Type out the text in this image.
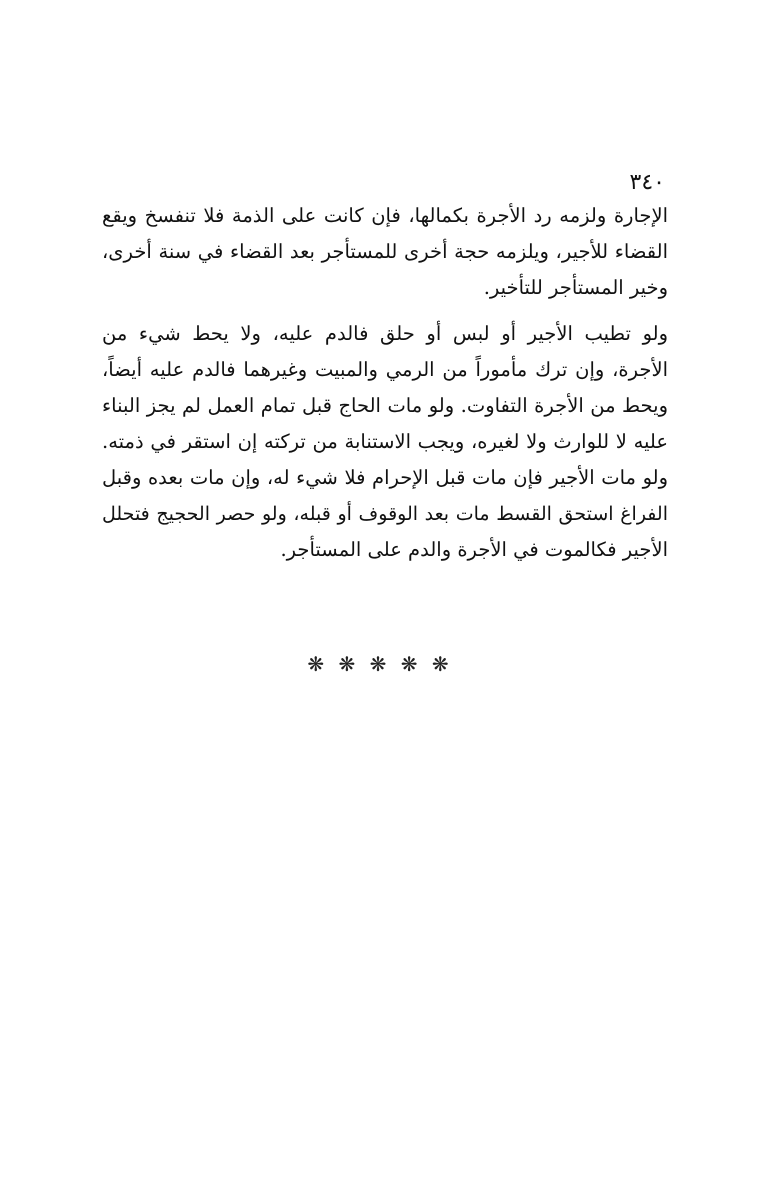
٣٤٠

الإجارة ولزمه رد الأجرة بكمالها، فإن كانت على الذمة فلا تنفسخ ويقع
القضاء للأجير، ويلزمه حجة أخرى للمستأجر بعد القضاء في سنة أخرى،
وخير المستأجر للتأخير.

ولو تطيب الأجير أو لبس أو حلق فالدم عليه، ولا يحط شيء من
الأجرة، وإن ترك مأموراً من الرمي والمبيت وغيرهما فالدم عليه أيضاً،
ويحط من الأجرة التفاوت. ولو مات الحاج قبل تمام العمل لم يجز البناء
عليه لا للوارث ولا لغيره، ويجب الاستنابة من تركته إن استقر في ذمته.
ولو مات الأجير فإن مات قبل الإحرام فلا شيء له، وإن مات بعده وقبل
الفراغ استحق القسط مات بعد الوقوف أو قبله، ولو حصر الحجيج فتحلل
الأجير فكالموت في الأجرة والدم على المستأجر.

❋ ❋ ❋ ❋ ❋
